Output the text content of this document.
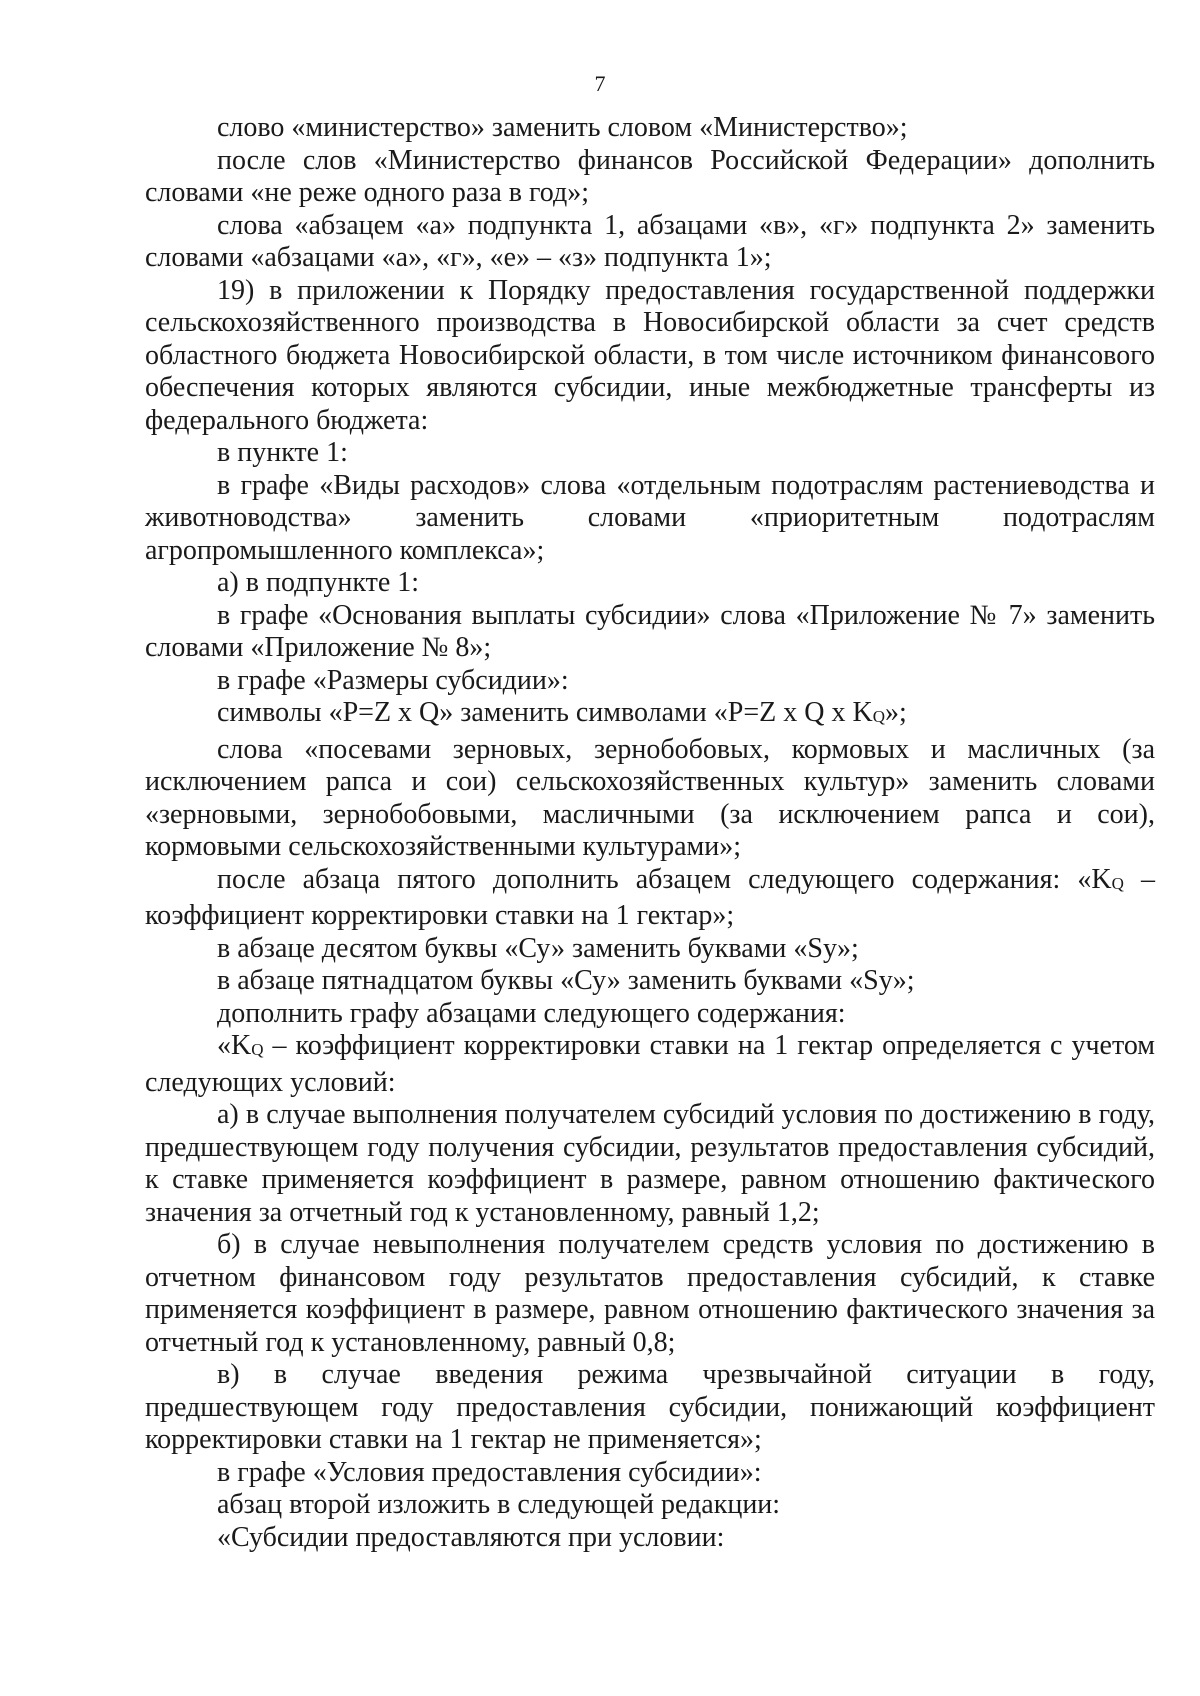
7

слово «министерство» заменить словом «Министерство»;

после слов «Министерство финансов Российской Федерации» дополнить словами «не реже одного раза в год»;

слова «абзацем «а» подпункта 1, абзацами «в», «г» подпункта 2» заменить словами «абзацами «а», «г», «е» – «з» подпункта 1»;

19) в приложении к Порядку предоставления государственной поддержки сельскохозяйственного производства в Новосибирской области за счет средств областного бюджета Новосибирской области, в том числе источником финансового обеспечения которых являются субсидии, иные межбюджетные трансферты из федерального бюджета:

в пункте 1:

в графе «Виды расходов» слова «отдельным подотраслям растениеводства и животноводства» заменить словами «приоритетным подотраслям агропромышленного комплекса»;

а) в подпункте 1:

в графе «Основания выплаты субсидии» слова «Приложение № 7» заменить словами «Приложение № 8»;

в графе «Размеры субсидии»:

символы «P=Z x Q» заменить символами «P=Z x Q x KQ»;

слова «посевами зерновых, зернобобовых, кормовых и масличных (за исключением рапса и сои) сельскохозяйственных культур» заменить словами «зерновыми, зернобобовыми, масличными (за исключением рапса и сои), кормовыми сельскохозяйственными культурами»;

после абзаца пятого дополнить абзацем следующего содержания: «KQ – коэффициент корректировки ставки на 1 гектар»;

в абзаце десятом буквы «Су» заменить буквами «Sy»;

в абзаце пятнадцатом буквы «Су» заменить буквами «Sy»;

дополнить графу абзацами следующего содержания:

«KQ – коэффициент корректировки ставки на 1 гектар определяется с учетом следующих условий:

а) в случае выполнения получателем субсидий условия по достижению в году, предшествующем году получения субсидии, результатов предоставления субсидий, к ставке применяется коэффициент в размере, равном отношению фактического значения за отчетный год к установленному, равный 1,2;

б) в случае невыполнения получателем средств условия по достижению в отчетном финансовом году результатов предоставления субсидий, к ставке применяется коэффициент в размере, равном отношению фактического значения за отчетный год к установленному, равный 0,8;

в) в случае введения режима чрезвычайной ситуации в году, предшествующем году предоставления субсидии, понижающий коэффициент корректировки ставки на 1 гектар не применяется»;

в графе «Условия предоставления субсидии»:

абзац второй изложить в следующей редакции:

«Субсидии предоставляются при условии:
